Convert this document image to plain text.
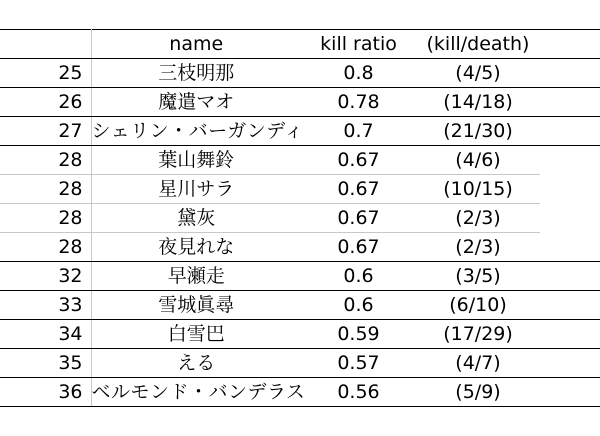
	name	kill ratio	(kill/death)	
25	三枝明那	0.8	(4/5)	
26	魔遣マオ	0.78	(14/18)	
27	シェリン・バーガンディ	0.7	(21/30)	
28	葉山舞鈴	0.67	(4/6)	
28	星川サラ	0.67	(10/15)	
28	黛灰	0.67	(2/3)	
28	夜見れな	0.67	(2/3)	
32	早瀬走	0.6	(3/5)	
33	雪城眞尋	0.6	(6/10)	
34	白雪巴	0.59	(17/29)	
35	える	0.57	(4/7)	
36	ベルモンド・バンデラス	0.56	(5/9)	
